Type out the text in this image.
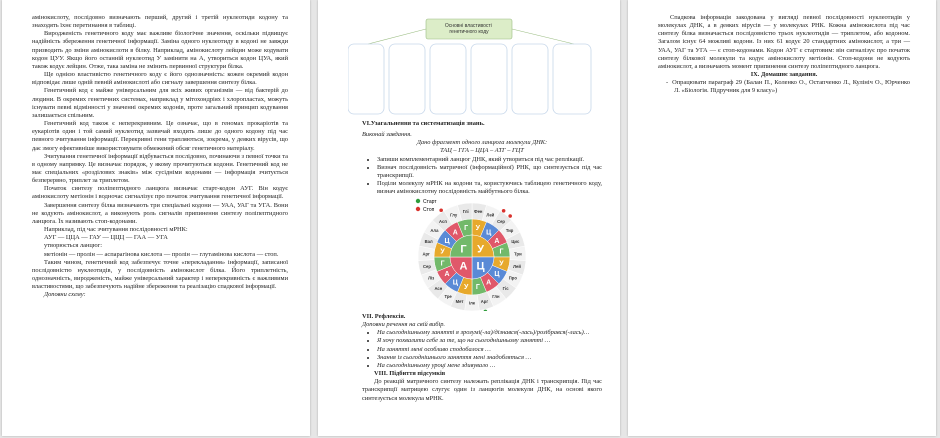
амінокислоту, послідовно визначають перший, другий і третій нуклеотиди кодону та знаходять їхнє перетинання в таблиці.

Виродженість генетичного коду має важливе біологічне значення, оскільки підвищує надійність збереження генетичної інформації. Заміна одного нуклеотиду в кодоні не завжди призводить до зміни амінокислоти в білку. Наприклад, амінокислоту лейцин може кодувати кодон ЦУУ. Якщо його останній нуклеотид У замінити на А, утвориться кодон ЦУА, який також кодує лейцин. Отже, така заміна не змінить первинної структури білка.

Ще однією властивістю генетичного коду є його однозначність: кожен окремий кодон відповідає лише одній певній амінокислоті або сигналу завершення синтезу білка.

Генетичний код є майже універсальним для всіх живих організмів — від бактерій до людини. В окремих генетичних системах, наприклад у мітохондріях і хлоропластах, можуть існувати певні відмінності у значенні окремих кодонів, проте загальний принцип кодування залишається спільним.

Генетичний код також є неперекривним. Це означає, що в геномах прокаріотів та еукаріотів один і той самий нуклеотид зазвичай входить лише до одного кодону під час певного зчитування інформації. Перекривні гени трапляються, зокрема, у деяких вірусів, що дає змогу ефективніше використовувати обмежений обсяг генетичного матеріалу.

Зчитування генетичної інформації відбувається послідовно, починаючи з певної точки та в одному напрямку. Це визначає порядок, у якому прочитуються кодони. Генетичний код не має спеціальних «розділових знаків» між сусідніми кодонами — інформація зчитується безперервно, триплет за триплетом.

Початок синтезу поліпептидного ланцюга визначає старт-кодон АУГ. Він кодує амінокислоту метіонін і водночас сигналізує про початок зчитування генетичної інформації.

Завершення синтезу білка визначають три спеціальні кодони — УАА, УАГ та УГА. Вони не кодують амінокислот, а виконують роль сигналів припинення синтезу поліпептидного ланцюга. Їх називають стоп-кодонами.

Наприклад, під час зчитування послідовності мРНК:

АУГ — ЦЦА — ГАУ — ЦЦЦ — ГАА — УГА

утворюється ланцюг:

метіонін — пролін — аспарагінова кислота — пролін — глутамінова кислота — стоп.

Таким чином, генетичний код забезпечує точне «перекладання» інформації, записаної послідовністю нуклеотидів, у послідовність амінокислот білка. Його триплетність, однозначність, виродженість, майже універсальний характер і неперекривність є важливими властивостями, що забезпечують надійне збереження та реалізацію спадкової інформації.

Доповни схему:

Основні властивості генетичного коду

VI.Узагальнення та систематизація знань.

Виконай завдання.

Дано фрагмент одного ланцюга молекули ДНК:

ТАЦ – ГГА – ЦЦА – АТГ – ГЦТ

• Запиши комплементарний ланцюг ДНК, який утвориться під час реплікації.
• Визнач послідовність матричної (інформаційної) РНК, що синтезується під час транскрипції.
• Поділи молекулу мРНК на кодони та, користуючись таблицею генетичного коду, визнач амінокислотну послідовність майбутнього білка.
Фен
Лей
Сер
Тир
Цис
Три
Лей
Про
Гіс
Глн
Арг
Іле
Мет
Тре
Асн
Ліз
Сер
Арг
Вал
Ала
Асп
Глу
Глі
У
Ц
А
Г
У
Ц
А
Г
У
Ц
А
Г
У
Ц
А
Г
У
Ц
А
Г
Старт
Стоп

VII. Рефлексія.

Доповни речення на свій вибір.

• На сьогоднішньому занятті я зрозумі(-ла)/дізнався(-лась)/розібрався(-лась)…
• Я хочу похвалити себе за те, що на сьогоднішньому занятті …
• На занятті мені особливо сподобалося …
• Знання із сьогоднішнього заняття мені знадобляться …
• На сьогоднішньому уроці мене здивувало …

VIII. Підбиття підсумків

До реакцій матричного синтезу належать реплікація ДНК і транскрипція. Під час транскрипції матрицею слугує один із ланцюгів молекули ДНК, на основі якого синтезується молекула мРНК.

Спадкова інформація закодована у вигляді певної послідовності нуклеотидів у молекулах ДНК, а в деяких вірусів — у молекулах РНК. Кожна амінокислота під час синтезу білка визначається послідовністю трьох нуклеотидів — триплетом, або кодоном. Загалом існує 64 можливі кодони. Із них 61 кодує 20 стандартних амінокислот, а три — УАА, УАГ та УГА — є стоп-кодонами. Кодон АУГ є стартовим: він сигналізує про початок синтезу білкової молекули та кодує амінокислоту метіонін. Стоп-кодони не кодують амінокислот, а визначають момент припинення синтезу поліпептидного ланцюга.

IX. Домашнє завдання.

- Опрацювати параграф 29 (Балан П., Коленко О., Остапченко Л., Кулініч О., Юрченко Л. «Біологія. Підручник для 9 класу»)
